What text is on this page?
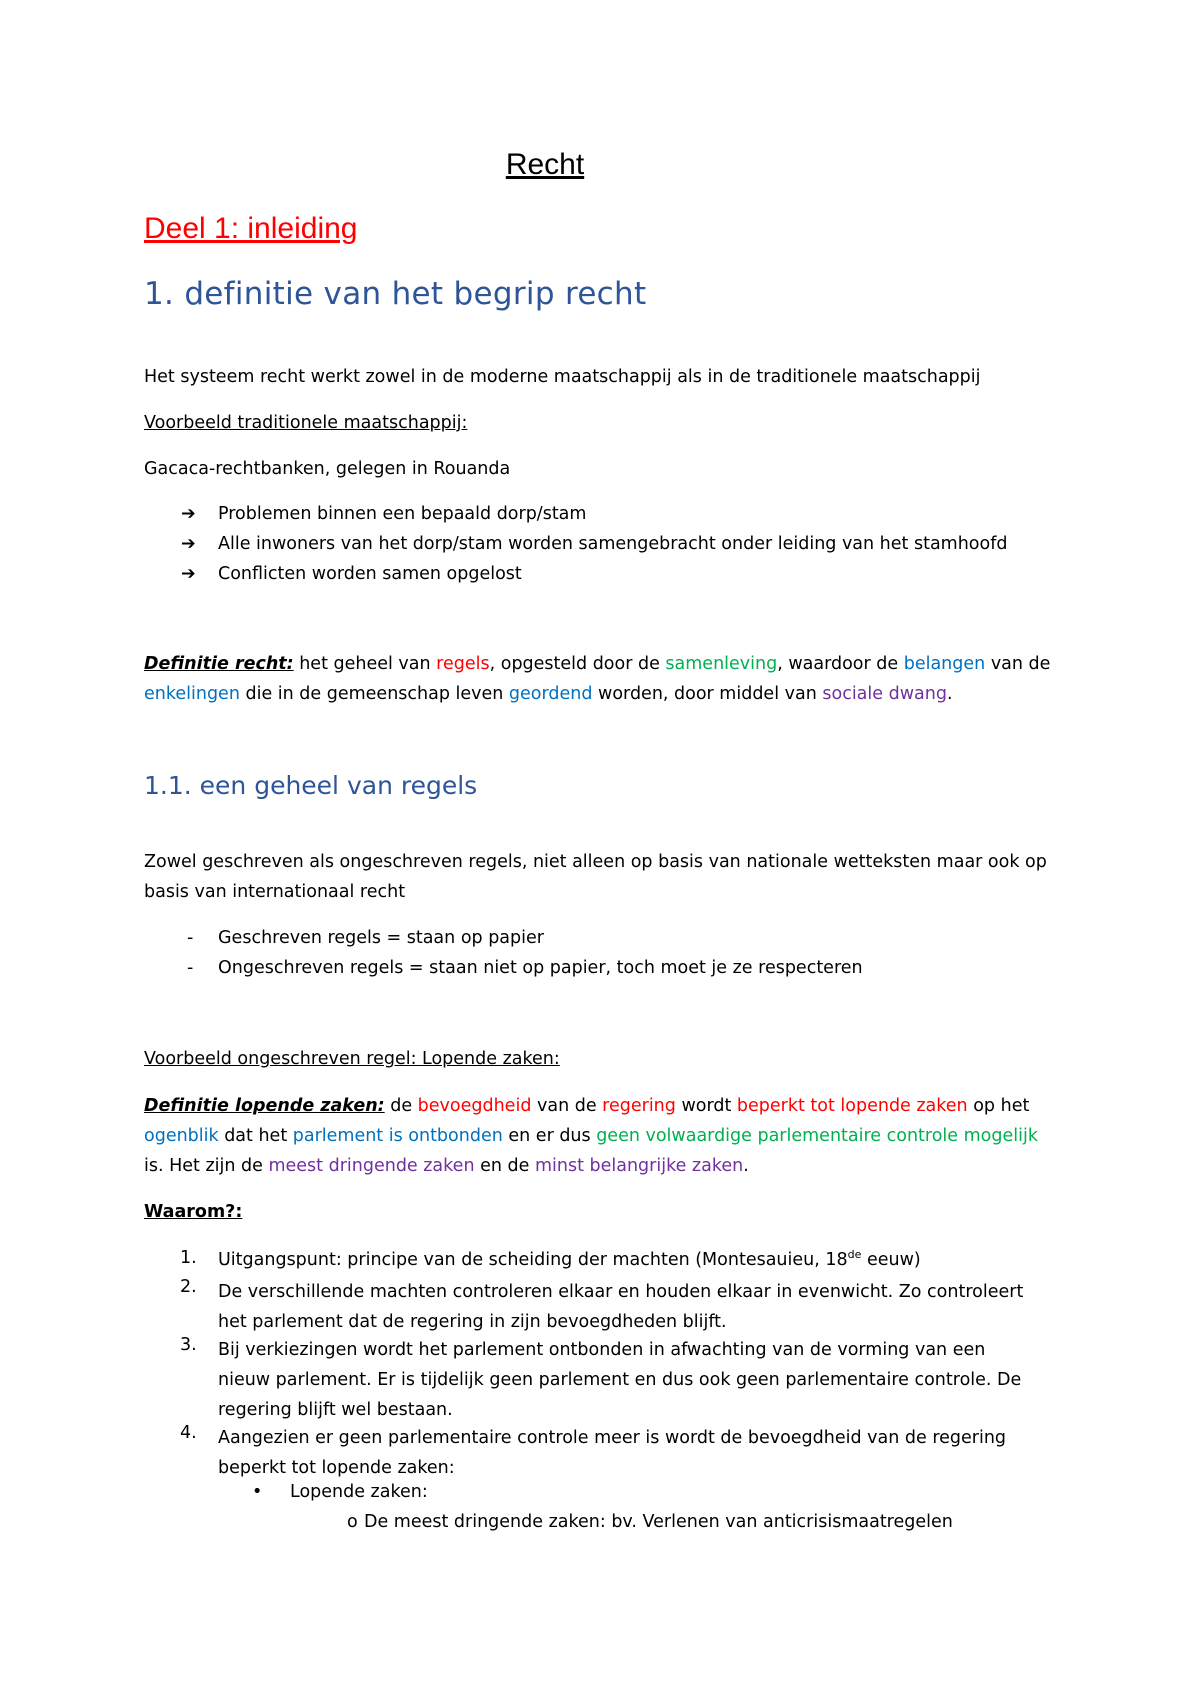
Recht
Deel 1: inleiding
1. definitie van het begrip recht
Het systeem recht werkt zowel in de moderne maatschappij als in de traditionele maatschappij
Voorbeeld traditionele maatschappij:
Gacaca-rechtbanken, gelegen in Rouanda
➔ Problemen binnen een bepaald dorp/stam
➔ Alle inwoners van het dorp/stam worden samengebracht onder leiding van het stamhoofd
➔ Conflicten worden samen opgelost
Definitie recht: het geheel van regels, opgesteld door de samenleving, waardoor de belangen van de
enkelingen die in de gemeenschap leven geordend worden, door middel van sociale dwang.
1.1. een geheel van regels
Zowel geschreven als ongeschreven regels, niet alleen op basis van nationale wetteksten maar ook op
basis van internationaal recht
- Geschreven regels = staan op papier
- Ongeschreven regels = staan niet op papier, toch moet je ze respecteren
Voorbeeld ongeschreven regel: Lopende zaken:
Definitie lopende zaken: de bevoegdheid van de regering wordt beperkt tot lopende zaken op het
ogenblik dat het parlement is ontbonden en er dus geen volwaardige parlementaire controle mogelijk
is. Het zijn de meest dringende zaken en de minst belangrijke zaken.
Waarom?:
1. Uitgangspunt: principe van de scheiding der machten (Montesauieu, 18de eeuw)
2. De verschillende machten controleren elkaar en houden elkaar in evenwicht. Zo controleert
het parlement dat de regering in zijn bevoegdheden blijft.
3. Bij verkiezingen wordt het parlement ontbonden in afwachting van de vorming van een
nieuw parlement. Er is tijdelijk geen parlement en dus ook geen parlementaire controle. De
regering blijft wel bestaan.
4. Aangezien er geen parlementaire controle meer is wordt de bevoegdheid van de regering
beperkt tot lopende zaken:
• Lopende zaken:
o De meest dringende zaken: bv. Verlenen van anticrisismaatregelen
